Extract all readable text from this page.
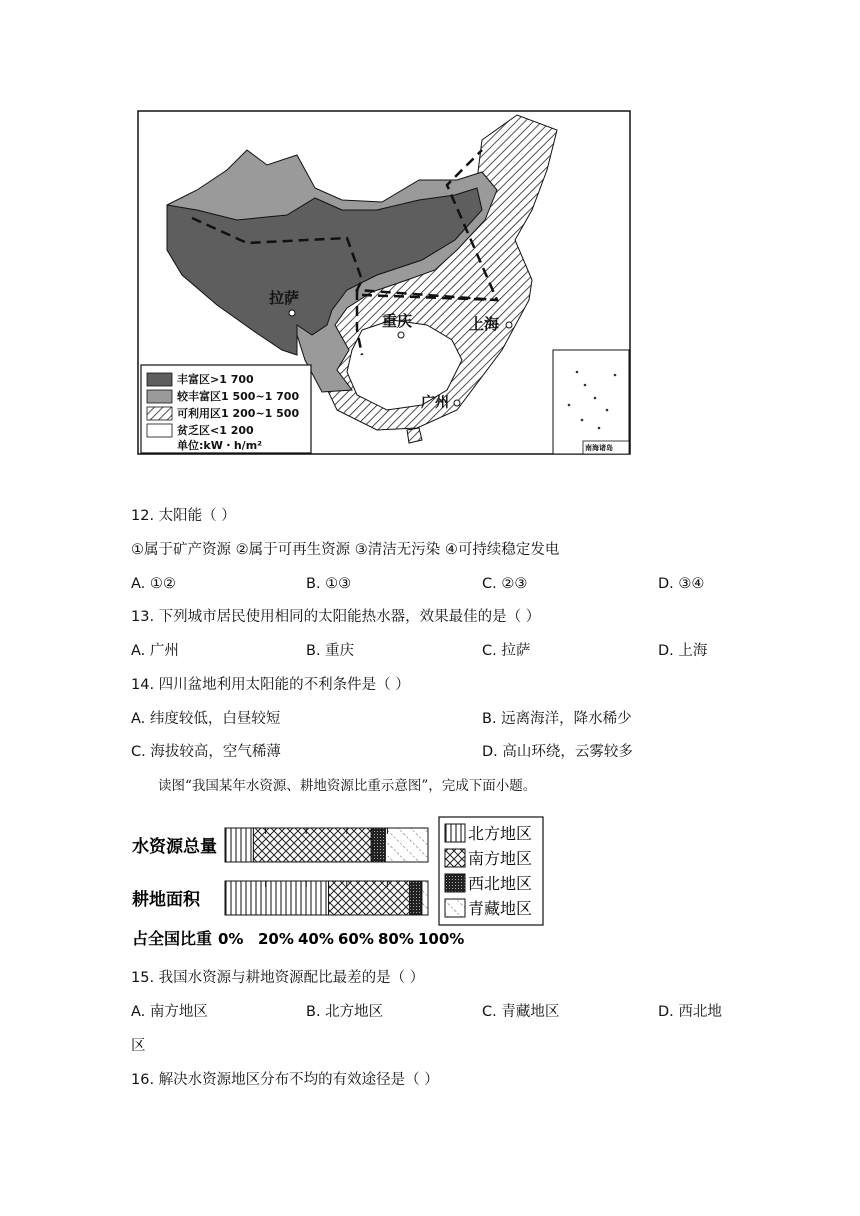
拉萨
重庆	上海
广州
丰富区>1 700
较丰富区1 500~1 700
可利用区1 200~1 500
贫乏区<1 200
单位:kW・h/m²	南海诸岛
12. 太阳能（ ）
①属于矿产资源 ②属于可再生资源 ③清洁无污染 ④可持续稳定发电
A. ①②	B. ①③	C. ②③	D. ③④
13. 下列城市居民使用相同的太阳能热水器，效果最佳的是（ ）
A. 广州	B. 重庆	C. 拉萨	D. 上海
14. 四川盆地利用太阳能的不利条件是（ ）
A. 纬度较低，白昼较短	B. 远离海洋，降水稀少
C. 海拔较高，空气稀薄	D. 高山环绕，云雾较多
读图“我国某年水资源、耕地资源比重示意图”，完成下面小题。
水资源总量
耕地面积
占全国比重 0% 20% 40% 60% 80% 100%
北方地区
南方地区
西北地区
青藏地区
15. 我国水资源与耕地资源配比最差的是（ ）
A. 南方地区	B. 北方地区	C. 青藏地区	D. 西北地
区
16. 解决水资源地区分布不均的有效途径是（ ）
